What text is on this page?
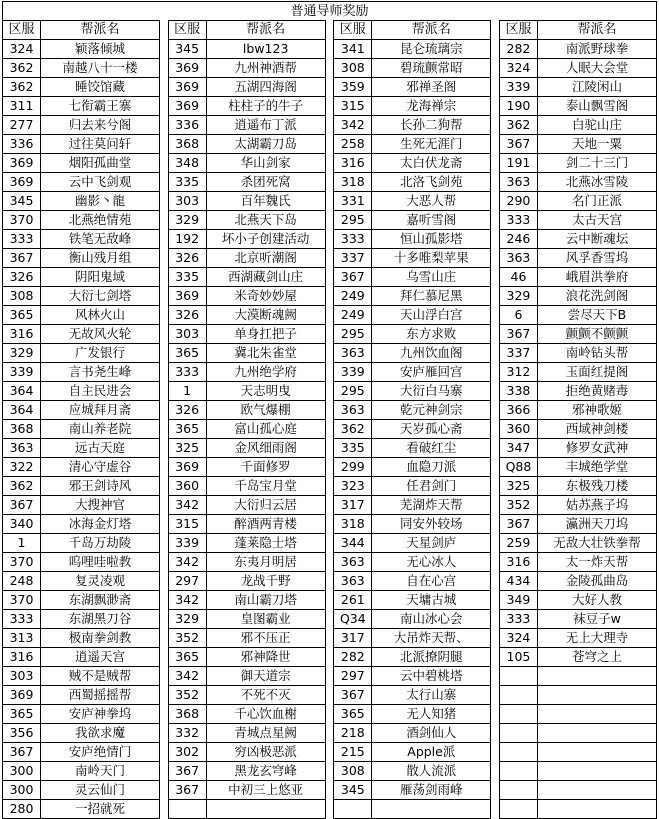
普通导师奖励
区服	帮派名
324	颖落倾城
362	南越八十一楼
362	睡饺馆藏
311	七衔霸王寨
277	归去来兮阁
336	过往莫问轩
369	烟阳孤曲堂
369	云中飞剑观
345	幽影丶龍
370	北燕绝情苑
333	铁笔无敌峰
367	衡山残月组
326	阴阳鬼域
308	大衍七剑塔
365	风林火山
316	无故风火轮
329	广发银行
339	言书尧生峰
364	自主民进会
364	应城拜月斋
368	南山养老院
363	远古天庭
322	清心守虚谷
362	邪王剑诗风
367	大搜神官
340	冰海金灯塔
1	千岛万劫陵
370	呜哩哇啦教
248	复灵凌观
370	东湖飘渺斋
333	东湖黑刀谷
313	极南拳剑教
316	逍遥天宫
303	贼不是贼帮
369	西蜀摇摇帮
365	安庐神拳坞
356	我欲求魔
367	安庐绝情门
300	南岭天门
300	灵云仙门
280	一招就死
区服	帮派名
345	lbw123
369	九州神酒帮
369	五湖四海阁
369	柱柱子的牛子
336	逍遥布丁派
368	太湖霸刀岛
348	华山剑家
335	杀团死窝
303	百年魏氏
329	北燕天下岛
192	坏小子创建活动
326	北京听潮阁
335	西湖藏剑山庄
369	米奇妙妙屋
326	大漠断魂阙
303	单身扛把子
365	冀北朱雀堂
333	九州绝学府
1	天志明曳
326	欧气爆棚
365	富山孤心庭
325	金风细雨阁
369	千面修罗
360	千岛宝月堂
342	大衍归云居
315	醉酒两青楼
339	蓬莱隐士塔
342	东夷月明居
297	龙战千野
342	南山霸刀塔
329	皇图霸业
352	邪不压正
365	邪神降世
342	御天道宗
352	不死不灭
368	千心饮血榭
332	青城点星阙
302	穷凶极恶派
367	黑龙玄穹峰
367	中初三上悠亚

区服	帮派名
341	昆仑琉璃宗
308	碧琉颤常昭
359	邪禅圣阁
315	龙海禅宗
342	长孙二狗帮
258	生死无涯门
316	太白伏龙斋
318	北洛飞剑苑
331	大恶人帮
295	嘉听雪阁
333	恒山孤影塔
337	十多唯梨苹果
367	乌雪山庄
249	拜仁慕尼黑
249	天山浮白宫
295	东方求败
363	九州饮血阁
339	安庐雁回宫
295	大衍白马寨
363	乾元神剑宗
362	天岁孤心斋
335	看破红尘
299	血隐刀派
323	任君剑门
317	芜湖炸天帮
318	同安外较场
344	天星剑庐
363	无心冰人
363	自在心宫
261	天墉古城
Q34	南山冰心会
317	大吊炸天帮、
282	北派撩阴腿
297	云中碧桃塔
367	太行山寨
365	无人知猪
218	酒剑仙人
215	Apple派
308	散人流派
345	雁荡剑雨峰

区服	帮派名
282	南派野球拳
324	人眠大会堂
339	江陵闲山
190	泰山飘雪阁
362	白驼山庄
367	天地一粟
191	剑二十三门
363	北燕冰雪陵
290	名门正派
333	太古天宫
246	云中断魂坛
363	风孚香雪坞
46	峨眉洪拳府
329	浪花洗剑阁
6	尝尽天下B
367	颤颤不颤颤
337	南岭钻头帮
312	玉面红提阁
338	拒绝黄赌毒
366	邪神歌姬
360	西域神剑楼
347	修罗女武神
Q88	丰城绝学堂
325	东极残刀楼
352	姑苏燕子坞
367	瀛洲天刀坞
259	无敌大壮铁拳帮
316	太一炸天帮
434	金陵孤曲岛
349	大好人教
333	袜豆子w
324	无上大理寺
105	苍穹之上
